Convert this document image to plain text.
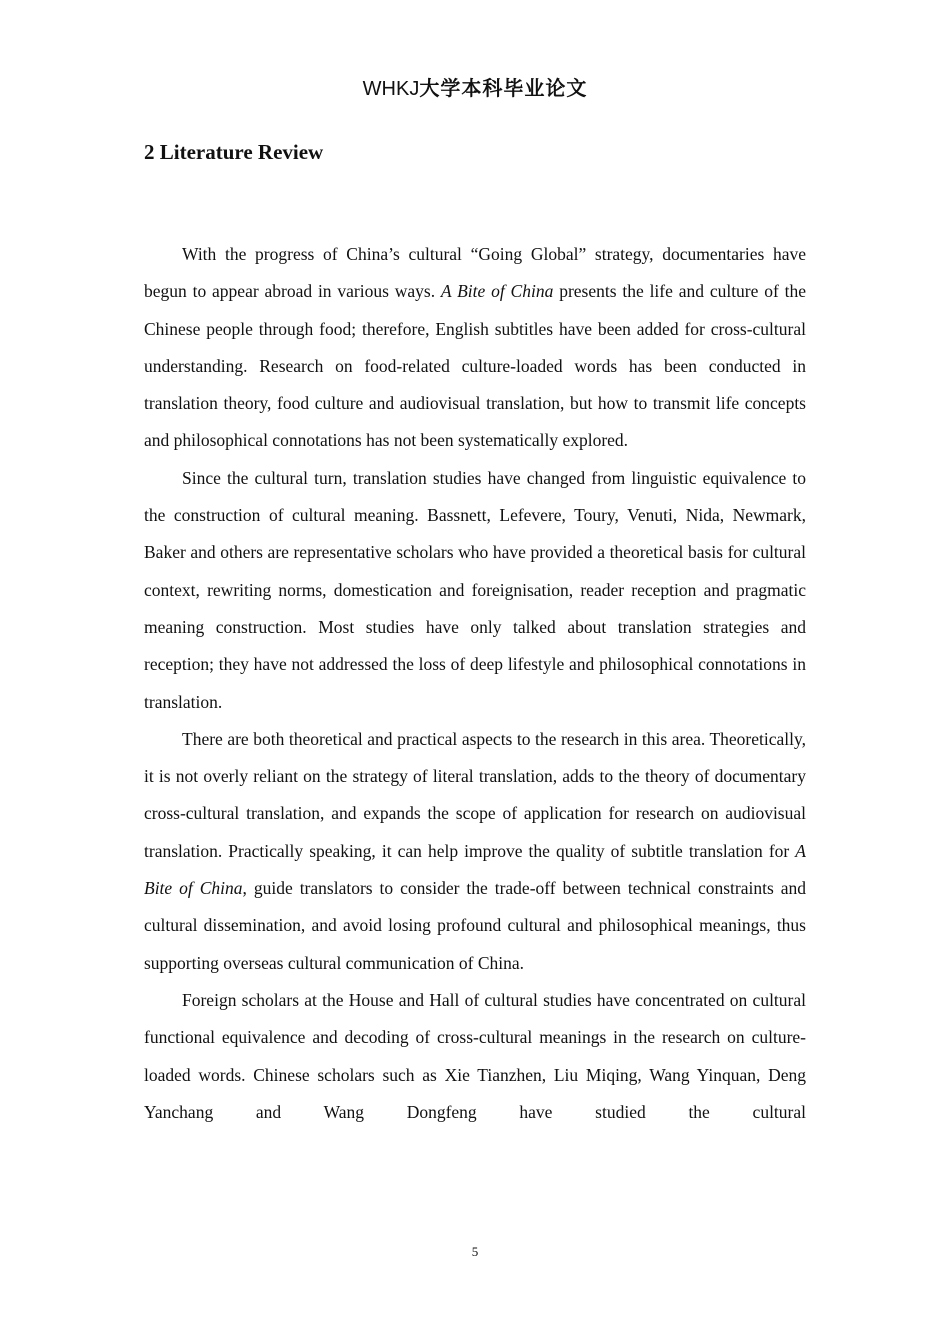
WHKJ大学本科毕业论文
2 Literature Review

With the progress of China’s cultural “Going Global” strategy, documentaries have begun to appear abroad in various ways. A Bite of China presents the life and culture of the Chinese people through food; therefore, English subtitles have been added for cross-cultural understanding. Research on food-related culture-loaded words has been conducted in translation theory, food culture and audiovisual translation, but how to transmit life concepts and philosophical connotations has not been systematically explored.

Since the cultural turn, translation studies have changed from linguistic equivalence to the construction of cultural meaning. Bassnett, Lefevere, Toury, Venuti, Nida, Newmark, Baker and others are representative scholars who have provided a theoretical basis for cultural context, rewriting norms, domestication and foreignisation, reader reception and pragmatic meaning construction. Most studies have only talked about translation strategies and reception; they have not addressed the loss of deep lifestyle and philosophical connotations in translation.

There are both theoretical and practical aspects to the research in this area. Theoretically, it is not overly reliant on the strategy of literal translation, adds to the theory of documentary cross-cultural translation, and expands the scope of application for research on audiovisual translation. Practically speaking, it can help improve the quality of subtitle translation for A Bite of China, guide translators to consider the trade-off between technical constraints and cultural dissemination, and avoid losing profound cultural and philosophical meanings, thus supporting overseas cultural communication of China.

Foreign scholars at the House and Hall of cultural studies have concentrated on cultural functional equivalence and decoding of cross-cultural meanings in the research on culture-loaded words. Chinese scholars such as Xie Tianzhen, Liu Miqing, Wang Yinquan, Deng Yanchang and Wang Dongfeng have studied the cultural

5
